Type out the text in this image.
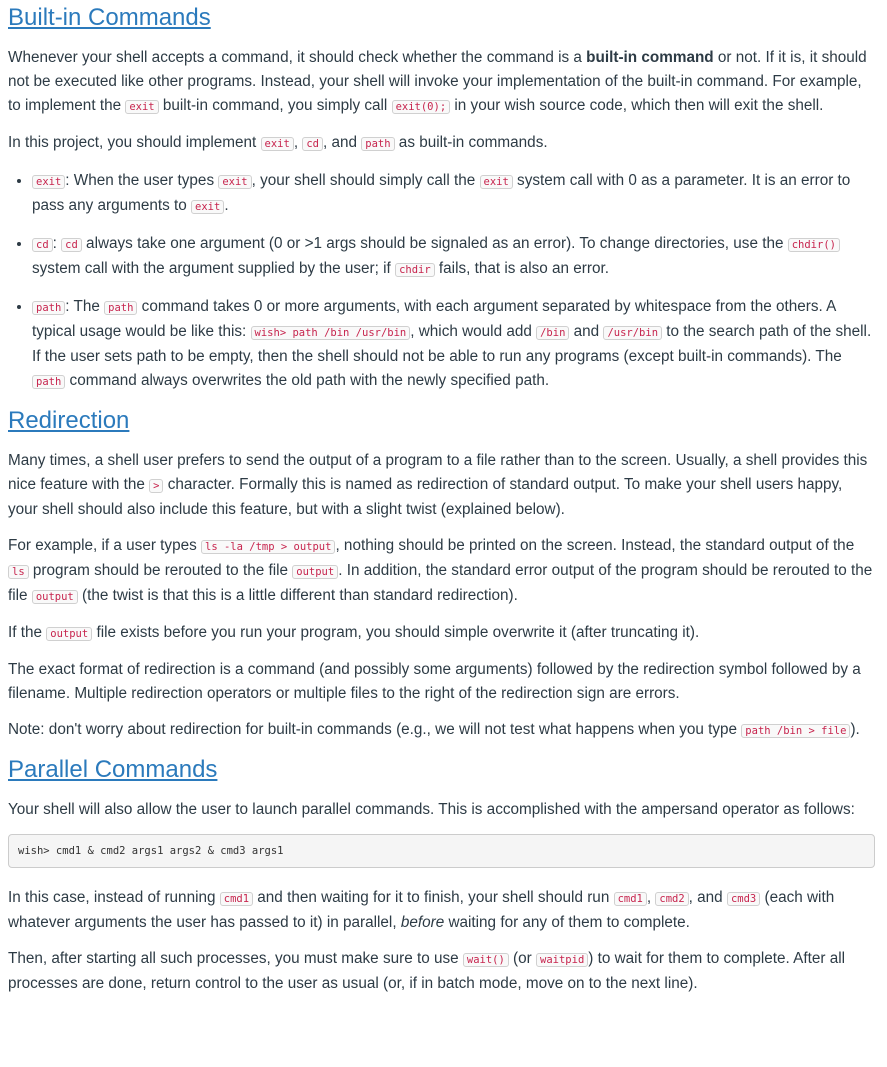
Built-in Commands

Whenever your shell accepts a command, it should check whether the command is a built-in command or not. If it is, it should not be executed like other programs. Instead, your shell will invoke your implementation of the built-in command. For example, to implement the exit built-in command, you simply call exit(0); in your wish source code, which then will exit the shell.

In this project, you should implement exit , cd , and path as built-in commands.

• exit : When the user types exit , your shell should simply call the exit system call with 0 as a parameter. It is an error to pass any arguments to exit .
• cd : cd always take one argument (0 or >1 args should be signaled as an error). To change directories, use the chdir() system call with the argument supplied by the user; if chdir fails, that is also an error.
• path : The path command takes 0 or more arguments, with each argument separated by whitespace from the others. A typical usage would be like this: wish> path /bin /usr/bin , which would add /bin and /usr/bin to the search path of the shell. If the user sets path to be empty, then the shell should not be able to run any programs (except built-in commands). The path command always overwrites the old path with the newly specified path.
Redirection

Many times, a shell user prefers to send the output of a program to a file rather than to the screen. Usually, a shell provides this nice feature with the > character. Formally this is named as redirection of standard output. To make your shell users happy, your shell should also include this feature, but with a slight twist (explained below).

For example, if a user types ls -la /tmp > output , nothing should be printed on the screen. Instead, the standard output of the ls program should be rerouted to the file output . In addition, the standard error output of the program should be rerouted to the file output (the twist is that this is a little different than standard redirection).

If the output file exists before you run your program, you should simple overwrite it (after truncating it).

The exact format of redirection is a command (and possibly some arguments) followed by the redirection symbol followed by a filename. Multiple redirection operators or multiple files to the right of the redirection sign are errors.

Note: don't worry about redirection for built-in commands (e.g., we will not test what happens when you type path /bin > file ).

Parallel Commands

Your shell will also allow the user to launch parallel commands. This is accomplished with the ampersand operator as follows:

wish> cmd1 & cmd2 args1 args2 & cmd3 args1

In this case, instead of running cmd1 and then waiting for it to finish, your shell should run cmd1 , cmd2 , and cmd3 (each with whatever arguments the user has passed to it) in parallel, before waiting for any of them to complete.

Then, after starting all such processes, you must make sure to use wait() (or waitpid ) to wait for them to complete. After all processes are done, return control to the user as usual (or, if in batch mode, move on to the next line).
